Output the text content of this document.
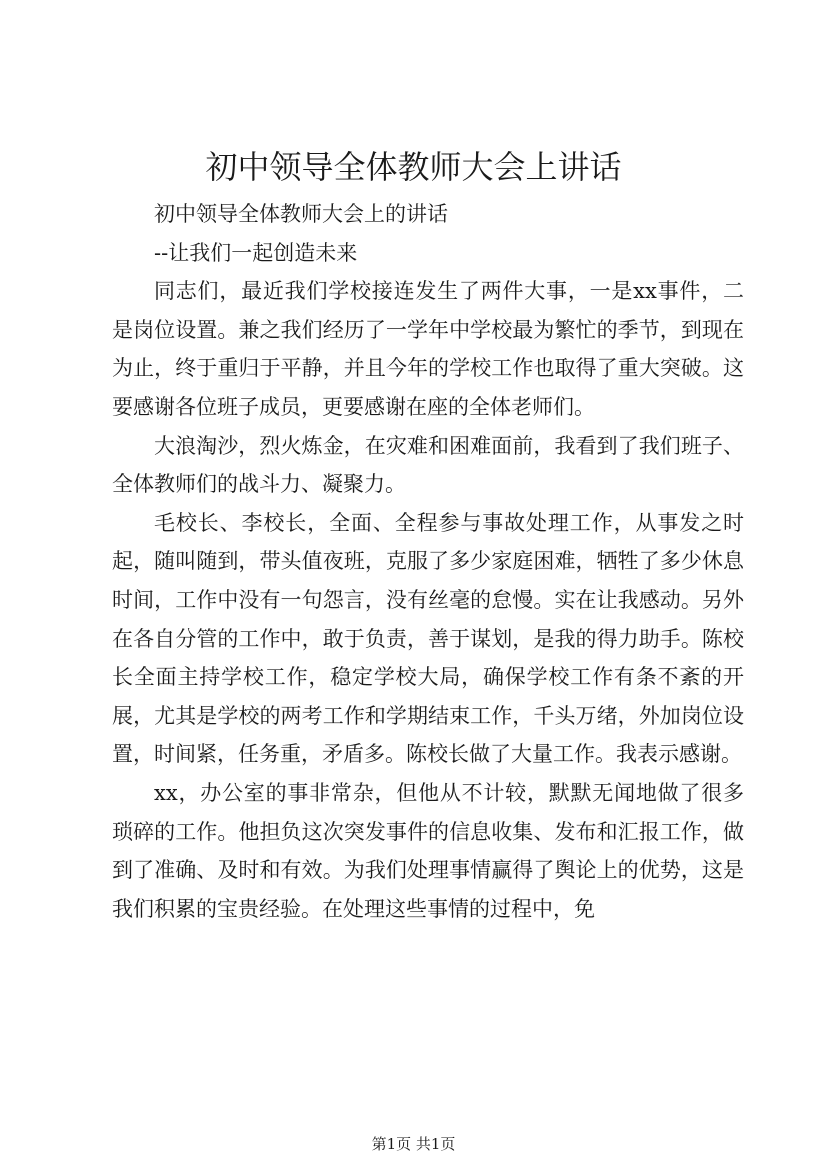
初中领导全体教师大会上讲话

初中领导全体教师大会上的讲话

--让我们一起创造未来

同志们，最近我们学校接连发生了两件大事，一是xx事件，二是岗位设置。兼之我们经历了一学年中学校最为繁忙的季节，到现在为止，终于重归于平静，并且今年的学校工作也取得了重大突破。这要感谢各位班子成员，更要感谢在座的全体老师们。

大浪淘沙，烈火炼金，在灾难和困难面前，我看到了我们班子、全体教师们的战斗力、凝聚力。

毛校长、李校长，全面、全程参与事故处理工作，从事发之时起，随叫随到，带头值夜班，克服了多少家庭困难，牺牲了多少休息时间，工作中没有一句怨言，没有丝毫的怠慢。实在让我感动。另外在各自分管的工作中，敢于负责，善于谋划，是我的得力助手。陈校长全面主持学校工作，稳定学校大局，确保学校工作有条不紊的开展，尤其是学校的两考工作和学期结束工作，千头万绪，外加岗位设置，时间紧，任务重，矛盾多。陈校长做了大量工作。我表示感谢。

xx，办公室的事非常杂，但他从不计较，默默无闻地做了很多琐碎的工作。他担负这次突发事件的信息收集、发布和汇报工作，做到了准确、及时和有效。为我们处理事情赢得了舆论上的优势，这是我们积累的宝贵经验。在处理这些事情的过程中，免

第1页 共1页
